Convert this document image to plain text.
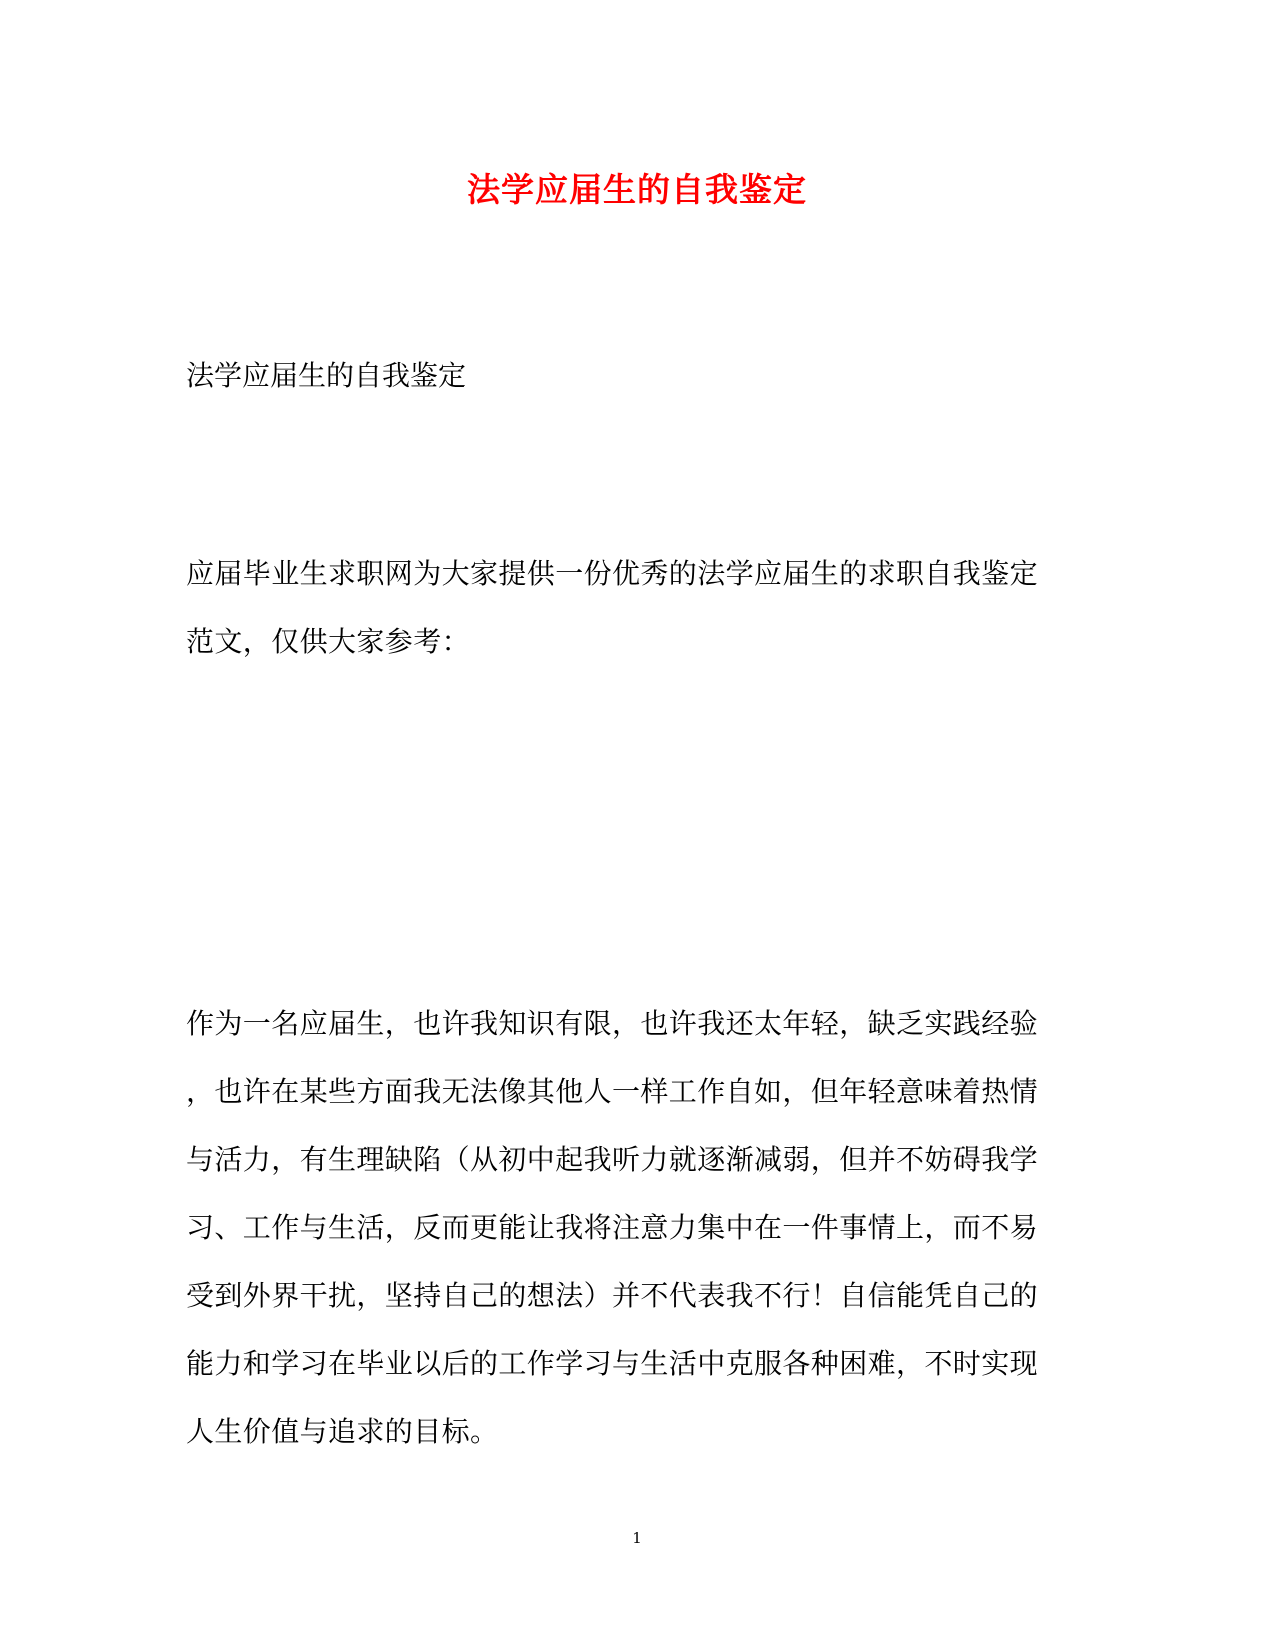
法学应届生的自我鉴定
法学应届生的自我鉴定
应届毕业生求职网为大家提供一份优秀的法学应届生的求职自我鉴定
范文，仅供大家参考：
作为一名应届生，也许我知识有限，也许我还太年轻，缺乏实践经验
，也许在某些方面我无法像其他人一样工作自如，但年轻意味着热情
与活力，有生理缺陷（从初中起我听力就逐渐减弱，但并不妨碍我学
习、工作与生活，反而更能让我将注意力集中在一件事情上，而不易
受到外界干扰，坚持自己的想法）并不代表我不行！自信能凭自己的
能力和学习在毕业以后的工作学习与生活中克服各种困难，不时实现
人生价值与追求的目标。
1
